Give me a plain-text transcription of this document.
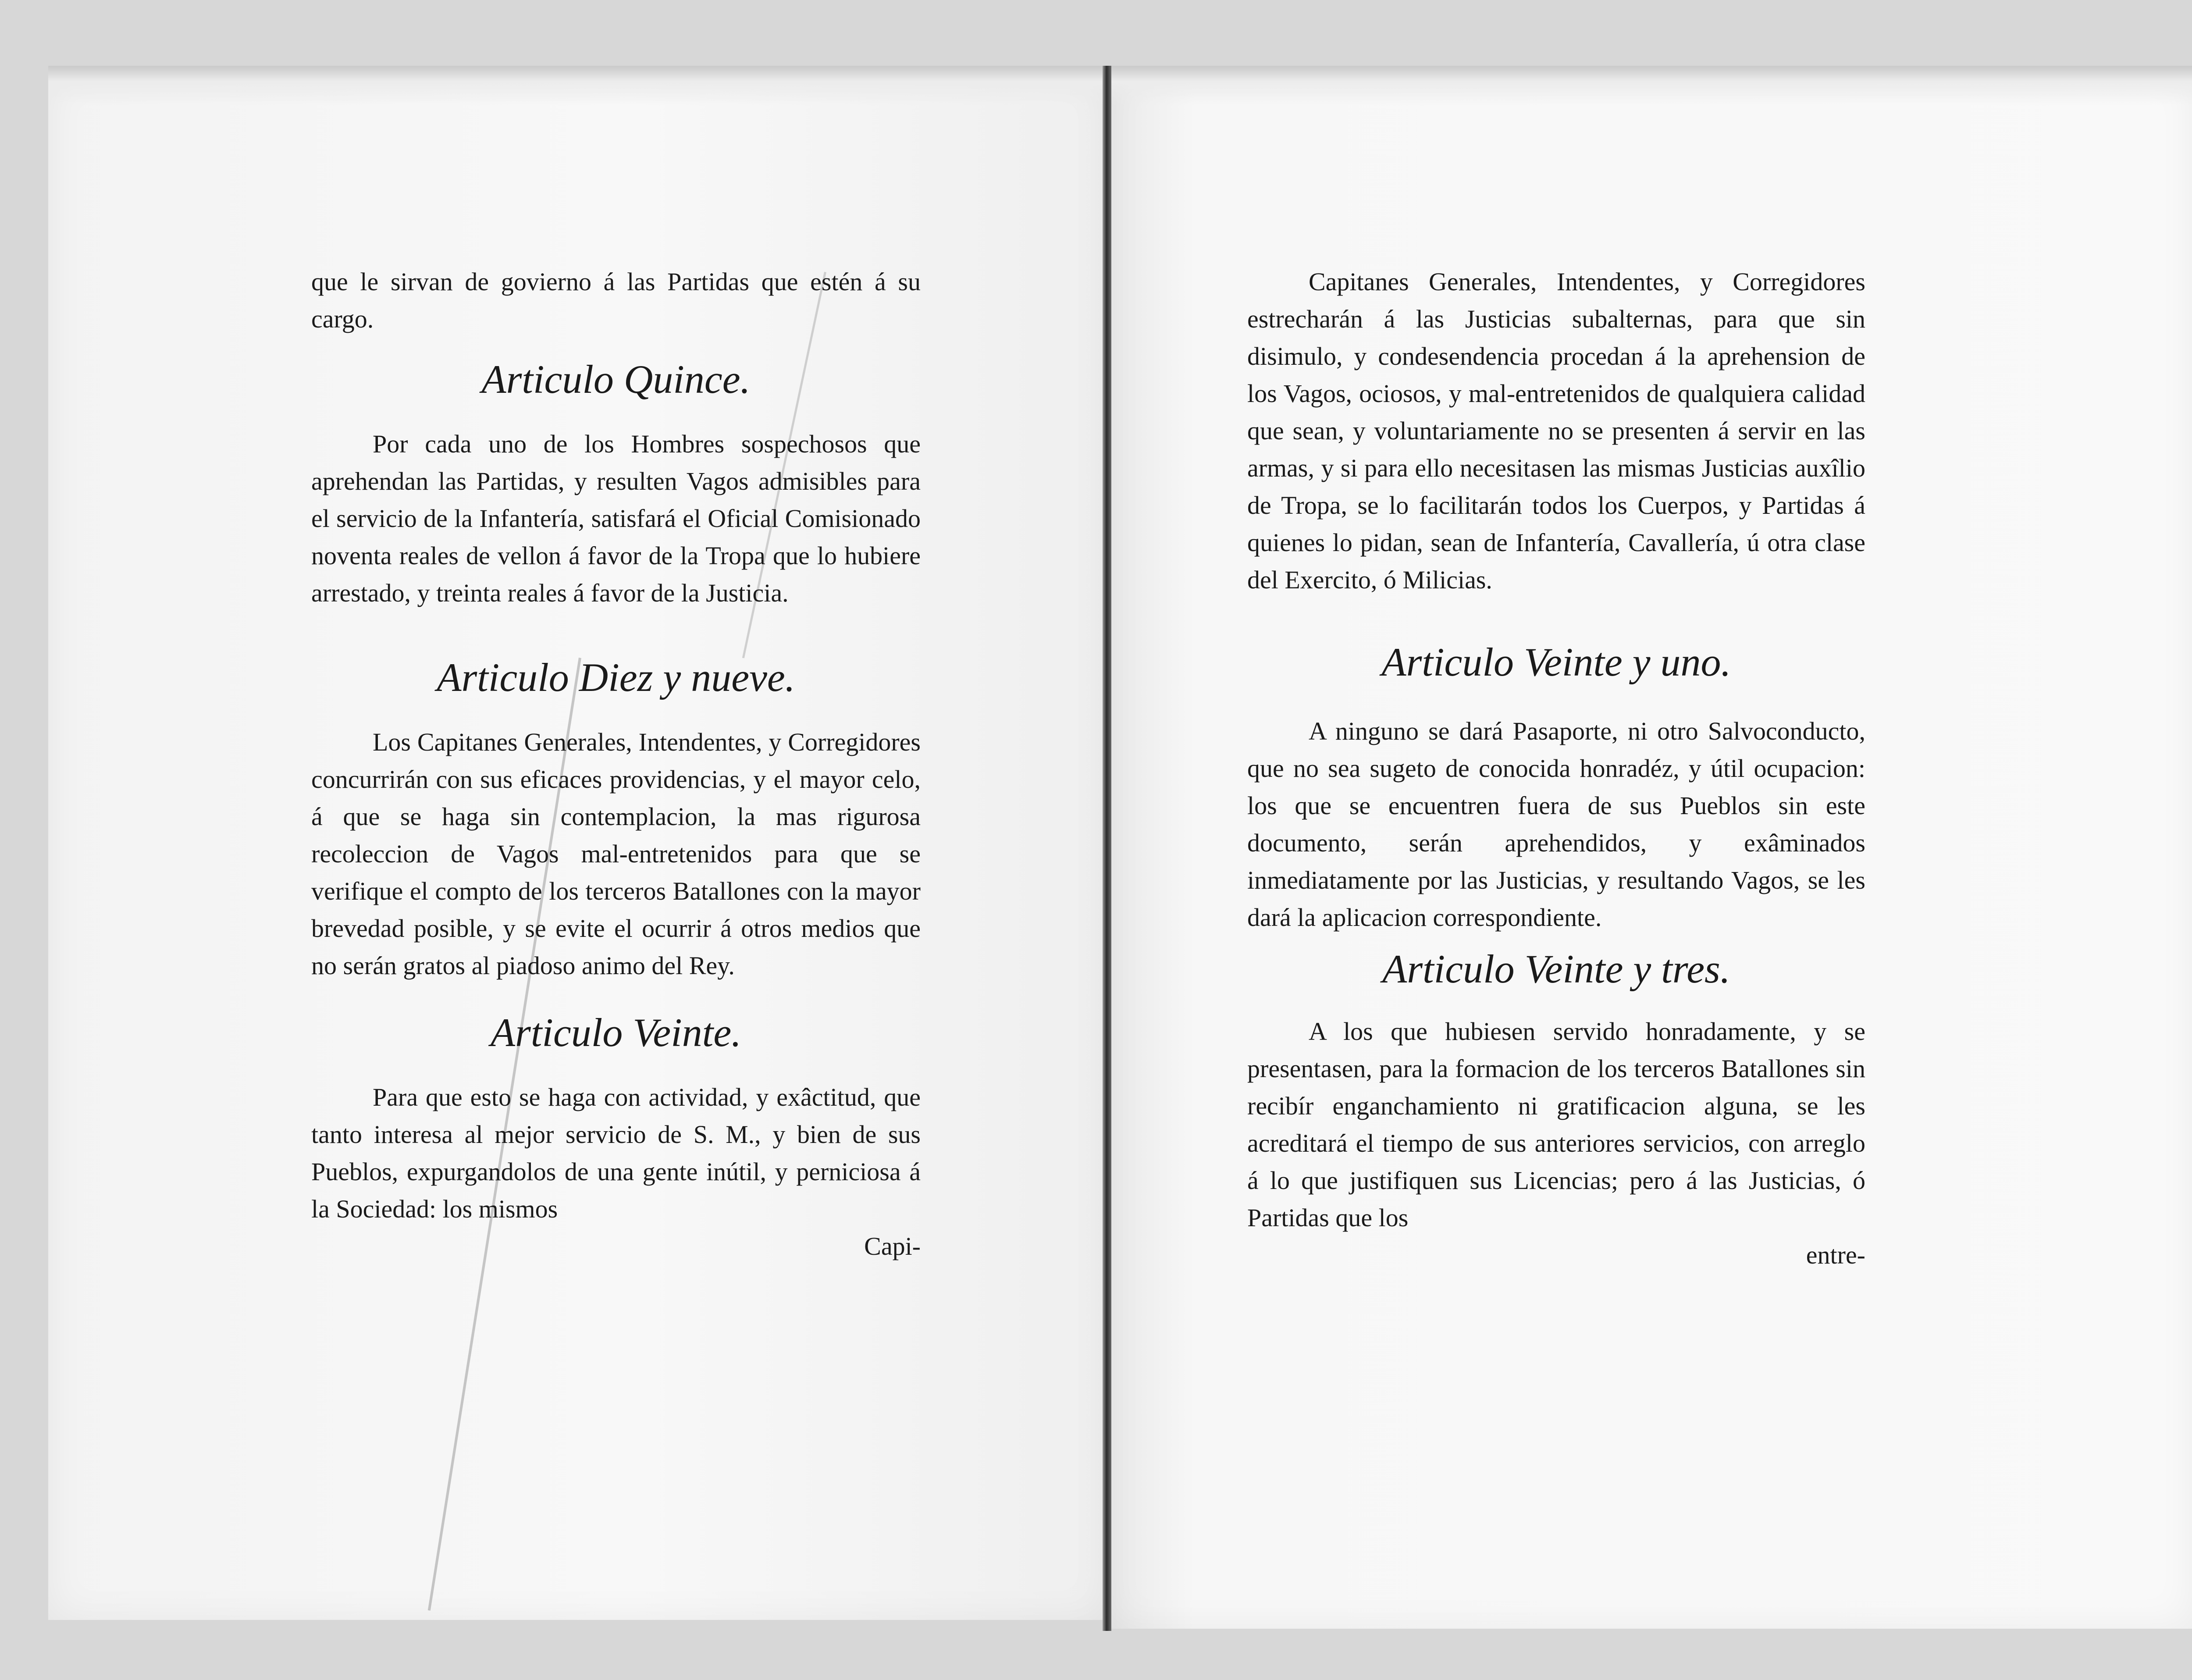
que le sirvan de govierno á las Partidas que estén á su cargo.

Articulo Quince.

Por cada uno de los Hombres sospechosos que aprehendan las Partidas, y resulten Vagos admisibles para el servicio de la Infantería, satisfará el Oficial Comisionado noventa reales de vellon á favor de la Tropa que lo hubiere arrestado, y treinta reales á favor de la Justicia.

Articulo Diez y nueve.

Los Capitanes Generales, Intendentes, y Corregidores concurrirán con sus eficaces providencias, y el mayor celo, á que se haga sin contemplacion, la mas rigurosa recoleccion de Vagos mal-entretenidos para que se verifique el compto de los terceros Batallones con la mayor brevedad posible, y se evite el ocurrir á otros medios que no serán gratos al piadoso animo del Rey.

Articulo Veinte.

Para que esto se haga con actividad, y exâctitud, que tanto interesa al mejor servicio de S. M., y bien de sus Pueblos, expurgandolos de una gente inútil, y perniciosa á la Sociedad: los mismos

Capi-

Capitanes Generales, Intendentes, y Corregidores estrecharán á las Justicias subalternas, para que sin disimulo, y condesendencia procedan á la aprehension de los Vagos, ociosos, y mal-entretenidos de qualquiera calidad que sean, y voluntariamente no se presenten á servir en las armas, y si para ello necesitasen las mismas Justicias auxîlio de Tropa, se lo facilitarán todos los Cuerpos, y Partidas á quienes lo pidan, sean de Infantería, Cavallería, ú otra clase del Exercito, ó Milicias.

Articulo Veinte y uno.

A ninguno se dará Pasaporte, ni otro Salvoconducto, que no sea sugeto de conocida honradéz, y útil ocupacion: los que se encuentren fuera de sus Pueblos sin este documento, serán aprehendidos, y exâminados inmediatamente por las Justicias, y resultando Vagos, se les dará la aplicacion correspondiente.

Articulo Veinte y tres.

A los que hubiesen servido honradamente, y se presentasen, para la formacion de los terceros Batallones sin recibír enganchamiento ni gratificacion alguna, se les acreditará el tiempo de sus anteriores servicios, con arreglo á lo que justifiquen sus Licencias; pero á las Justicias, ó Partidas que los

entre-
